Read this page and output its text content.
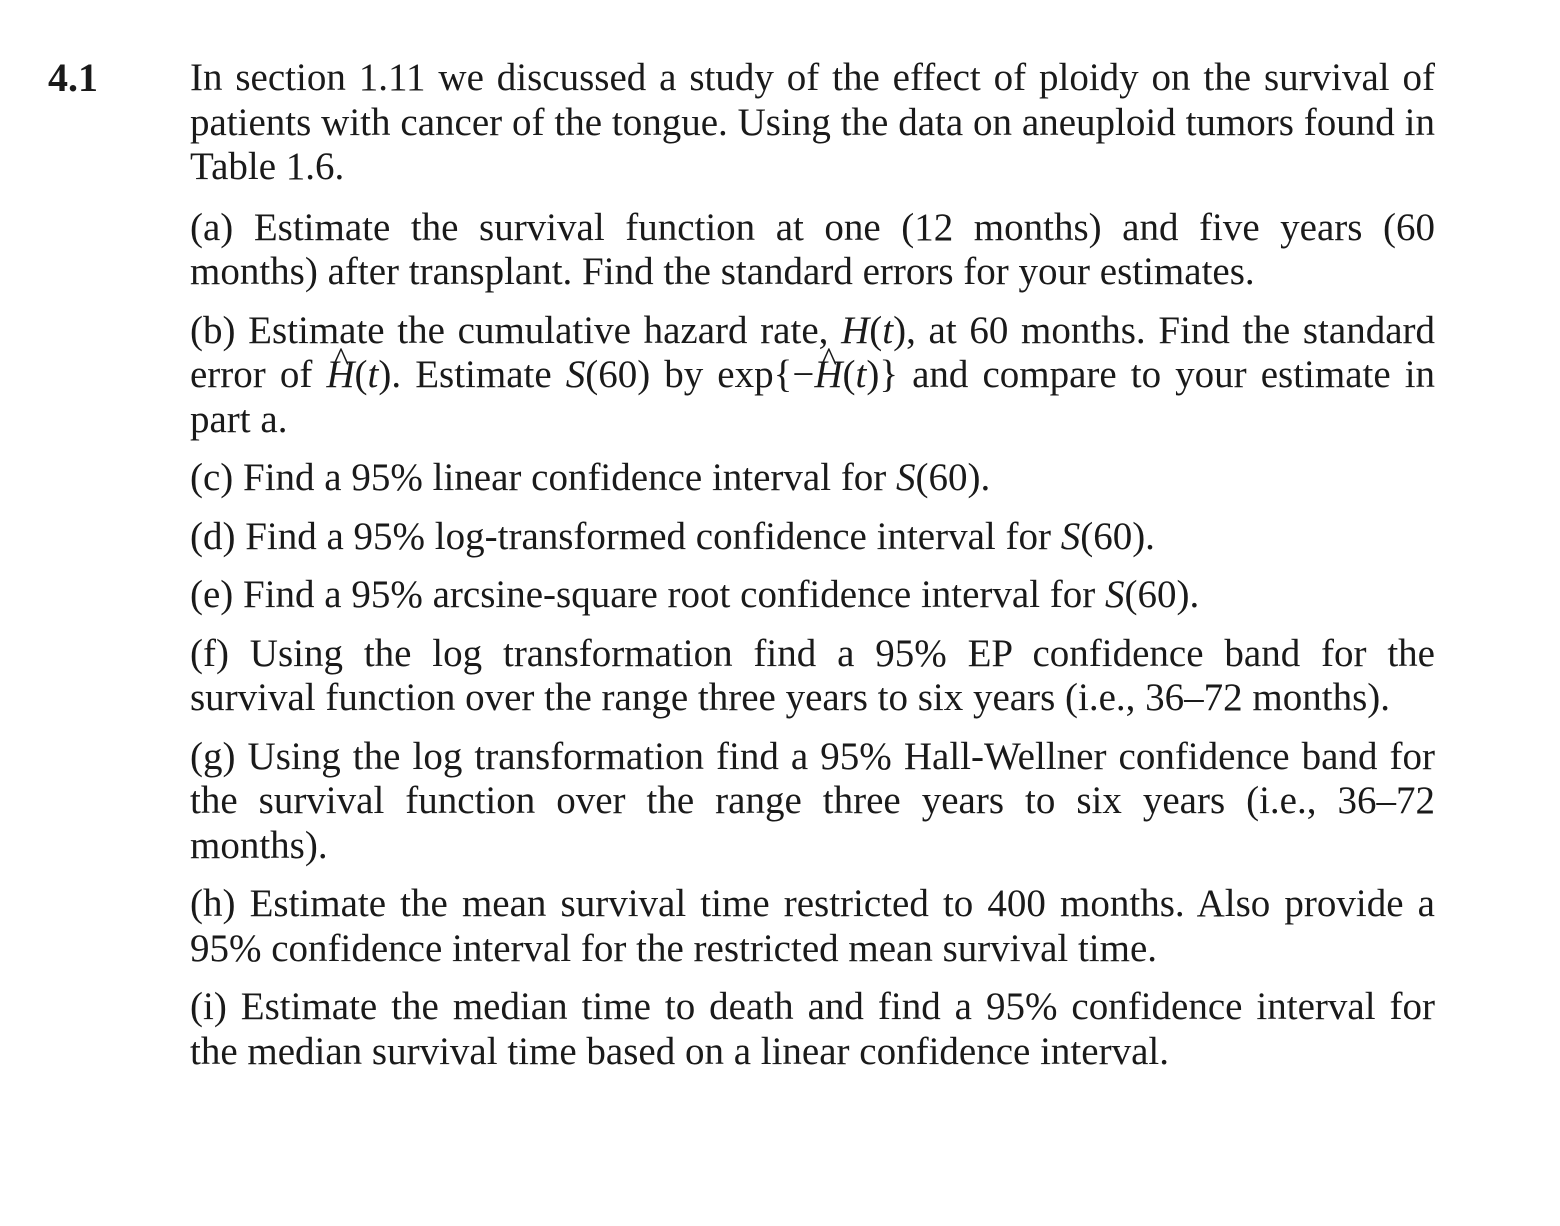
4.1 In section 1.11 we discussed a study of the effect of ploidy on the survival of patients with cancer of the tongue. Using the data on aneuploid tumors found in Table 1.6.

(a) Estimate the survival function at one (12 months) and five years (60 months) after transplant. Find the standard errors for your estimates.

(b) Estimate the cumulative hazard rate, H(t), at 60 months. Find the standard error of ^ H(t). Estimate S(60) by exp{−^ H(t)} and compare to your estimate in part a.

(c) Find a 95% linear confidence interval for S(60).

(d) Find a 95% log-transformed confidence interval for S(60).

(e) Find a 95% arcsine-square root confidence interval for S(60).

(f) Using the log transformation find a 95% EP confidence band for the survival function over the range three years to six years (i.e., 36–72 months).

(g) Using the log transformation find a 95% Hall-Wellner confidence band for the survival function over the range three years to six years (i.e., 36–72 months).

(h) Estimate the mean survival time restricted to 400 months. Also provide a 95% confidence interval for the restricted mean survival time.

(i) Estimate the median time to death and find a 95% confidence interval for the median survival time based on a linear confidence interval.
